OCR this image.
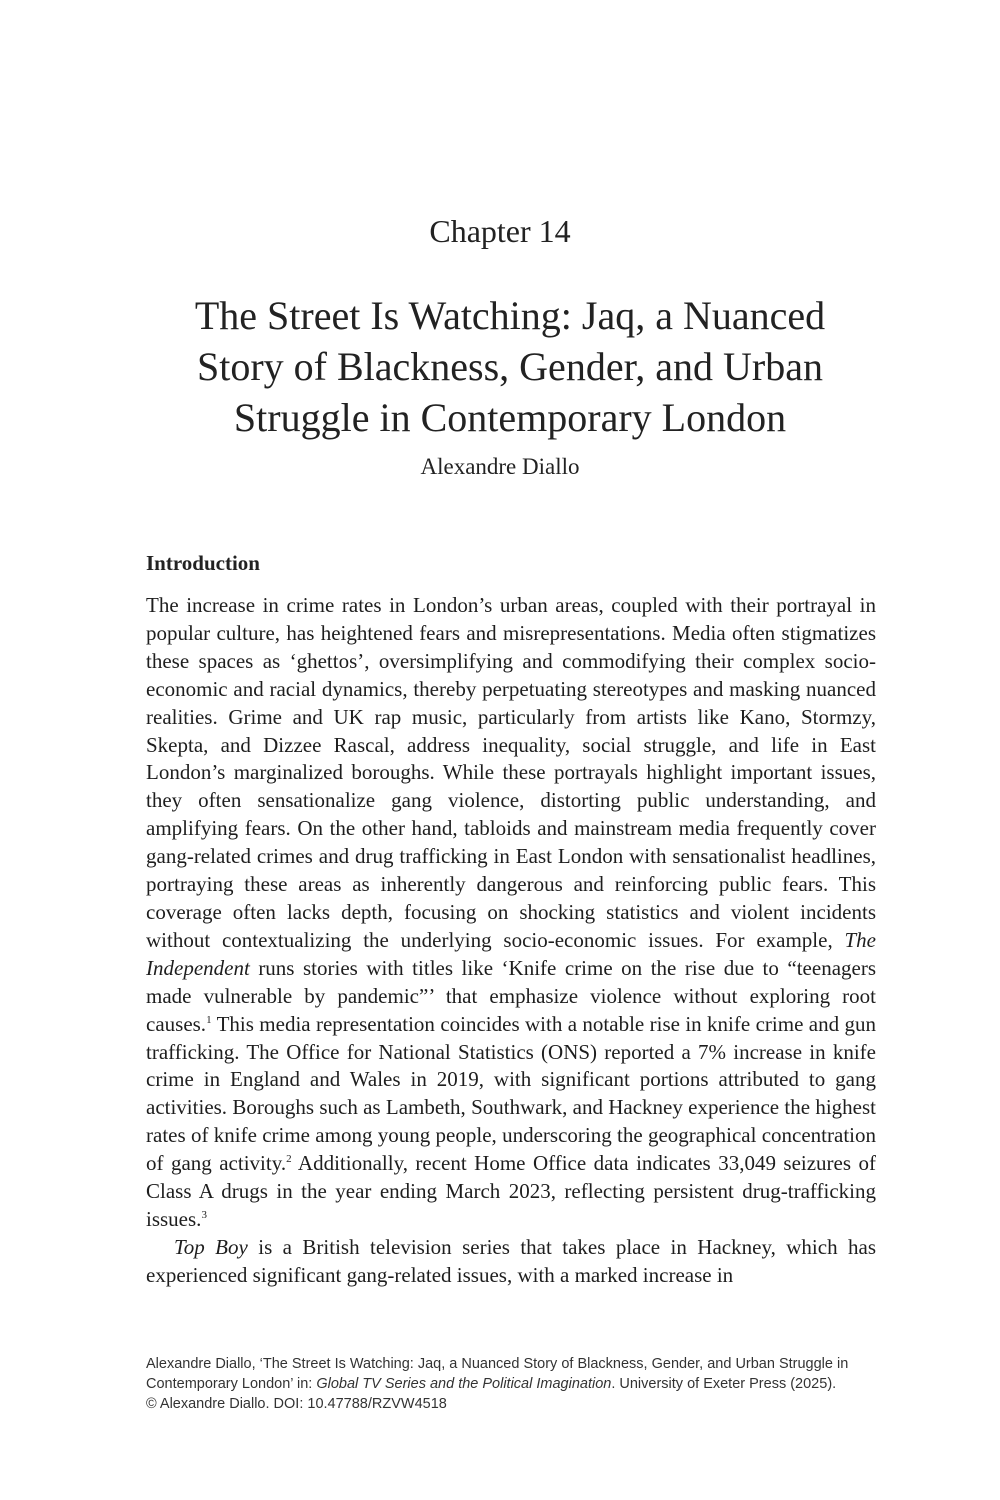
Chapter 14
The Street Is Watching: Jaq, a Nuanced Story of Blackness, Gender, and Urban Struggle in Contemporary London
Alexandre Diallo
Introduction

The increase in crime rates in London’s urban areas, coupled with their portrayal in popular culture, has heightened fears and misrepresentations. Media often stigmatizes these spaces as ‘ghettos’, oversimplifying and commodifying their complex socio-economic and racial dynamics, thereby perpetuating stereotypes and masking nuanced realities. Grime and UK rap music, particularly from artists like Kano, Stormzy, Skepta, and Dizzee Rascal, address inequality, social struggle, and life in East London’s marginalized boroughs. While these portrayals highlight important issues, they often sensationalize gang violence, distorting public understanding, and amplifying fears. On the other hand, tabloids and mainstream media frequently cover gang-related crimes and drug trafficking in East London with sensationalist headlines, portraying these areas as inherently dangerous and reinforcing public fears. This coverage often lacks depth, focusing on shocking statistics and violent incidents without contextualizing the underlying socio-economic issues. For example, The Independent runs stories with titles like ‘Knife crime on the rise due to “teenagers made vulnerable by pandemic”’ that emphasize violence without exploring root causes.$^1$ This media representation coincides with a notable rise in knife crime and gun trafficking. The Office for National Statistics (ONS) reported a 7% increase in knife crime in England and Wales in 2019, with significant portions attributed to gang activities. Boroughs such as Lambeth, Southwark, and Hackney experience the highest rates of knife crime among young people, underscoring the geographical concentration of gang activity.$^2$ Additionally, recent Home Office data indicates 33,049 seizures of Class A drugs in the year ending March 2023, reflecting persistent drug-trafficking issues.$^3$

Top Boy is a British television series that takes place in Hackney, which has experienced significant gang-related issues, with a marked increase in

Alexandre Diallo, ‘The Street Is Watching: Jaq, a Nuanced Story of Blackness, Gender, and Urban Struggle in Contemporary London’ in: Global TV Series and the Political Imagination. University of Exeter Press (2025).
© Alexandre Diallo. DOI: 10.47788/RZVW4518
